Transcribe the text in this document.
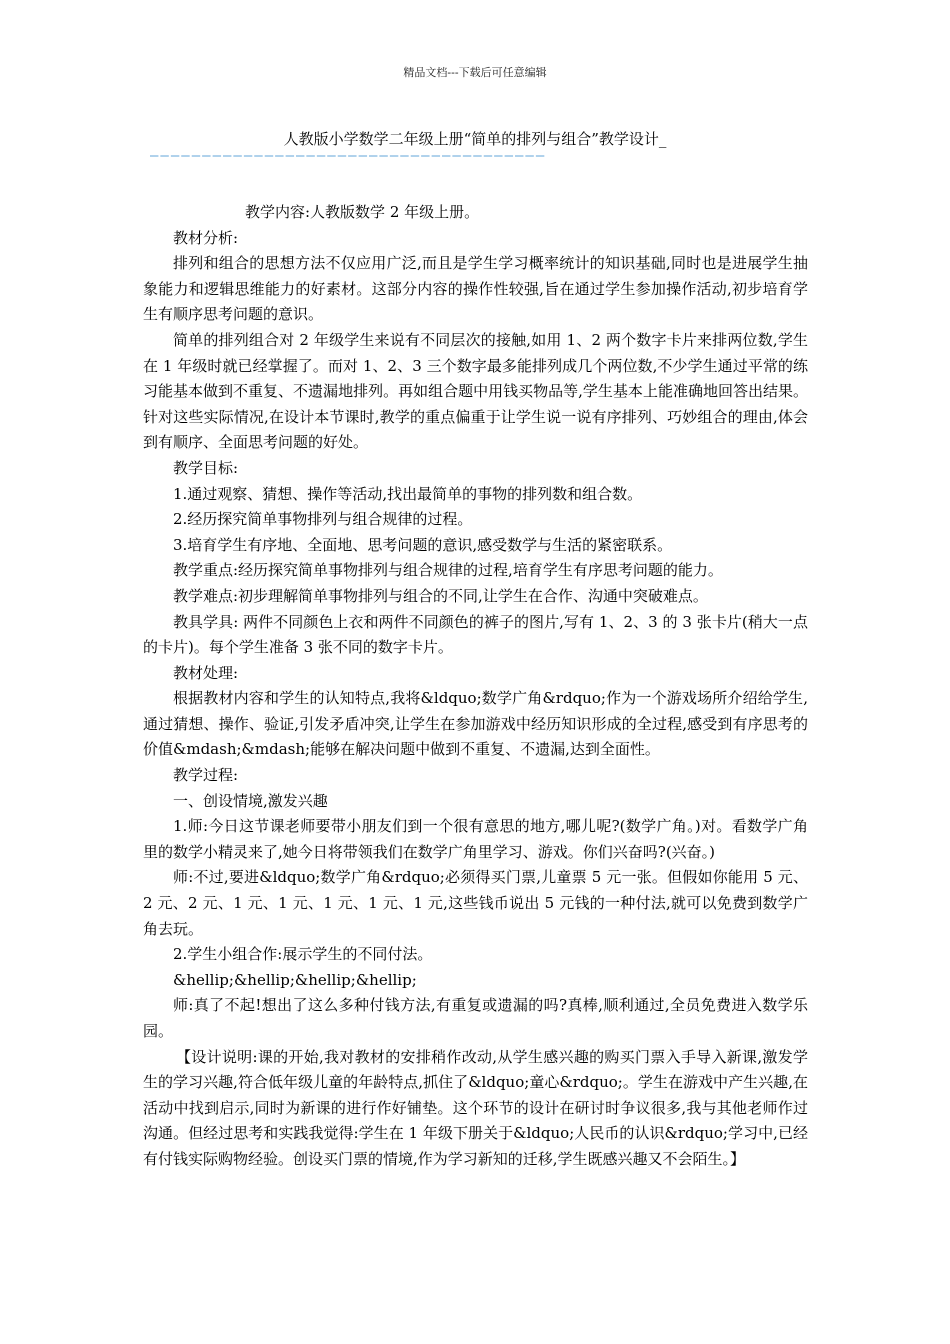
精品文档---下载后可任意编辑
人教版小学数学二年级上册“简单的排列与组合”教学设计_
——————————————————————————————————————

教学内容:人教版数学 2 年级上册。

教材分析:

排列和组合的思想方法不仅应用广泛,而且是学生学习概率统计的知识基础,同时也是进展学生抽象能力和逻辑思维能力的好素材。这部分内容的操作性较强,旨在通过学生参加操作活动,初步培育学生有顺序思考问题的意识。

简单的排列组合对 2 年级学生来说有不同层次的接触,如用 1、2 两个数字卡片来排两位数,学生在 1 年级时就已经掌握了。而对 1、2、3 三个数字最多能排列成几个两位数,不少学生通过平常的练习能基本做到不重复、不遗漏地排列。再如组合题中用钱买物品等,学生基本上能准确地回答出结果。针对这些实际情况,在设计本节课时,教学的重点偏重于让学生说一说有序排列、巧妙组合的理由,体会到有顺序、全面思考问题的好处。

教学目标:

1.通过观察、猜想、操作等活动,找出最简单的事物的排列数和组合数。

2.经历探究简单事物排列与组合规律的过程。

3.培育学生有序地、全面地、思考问题的意识,感受数学与生活的紧密联系。

教学重点:经历探究简单事物排列与组合规律的过程,培育学生有序思考问题的能力。

教学难点:初步理解简单事物排列与组合的不同,让学生在合作、沟通中突破难点。

教具学具: 两件不同颜色上衣和两件不同颜色的裤子的图片,写有 1、2、3 的 3 张卡片(稍大一点的卡片)。每个学生准备 3 张不同的数字卡片。

教材处理:

根据教材内容和学生的认知特点,我将&ldquo;数学广角&rdquo;作为一个游戏场所介绍给学生,通过猜想、操作、验证,引发矛盾冲突,让学生在参加游戏中经历知识形成的全过程,感受到有序思考的价值&mdash;&mdash;能够在解决问题中做到不重复、不遗漏,达到全面性。

教学过程:

一、创设情境,激发兴趣

1.师:今日这节课老师要带小朋友们到一个很有意思的地方,哪儿呢?(数学广角。)对。看数学广角里的数学小精灵来了,她今日将带领我们在数学广角里学习、游戏。你们兴奋吗?(兴奋。)

师:不过,要进&ldquo;数学广角&rdquo;必须得买门票,儿童票 5 元一张。但假如你能用 5 元、2 元、2 元、1 元、1 元、1 元、1 元、1 元,这些钱币说出 5 元钱的一种付法,就可以免费到数学广角去玩。

2.学生小组合作:展示学生的不同付法。

&hellip;&hellip;&hellip;&hellip;

师:真了不起!想出了这么多种付钱方法,有重复或遗漏的吗?真棒,顺利通过,全员免费进入数学乐园。

【设计说明:课的开始,我对教材的安排稍作改动,从学生感兴趣的购买门票入手导入新课,激发学生的学习兴趣,符合低年级儿童的年龄特点,抓住了&ldquo;童心&rdquo;。学生在游戏中产生兴趣,在活动中找到启示,同时为新课的进行作好铺垫。这个环节的设计在研讨时争议很多,我与其他老师作过沟通。但经过思考和实践我觉得:学生在 1 年级下册关于&ldquo;人民币的认识&rdquo;学习中,已经有付钱实际购物经验。创设买门票的情境,作为学习新知的迁移,学生既感兴趣又不会陌生。】
